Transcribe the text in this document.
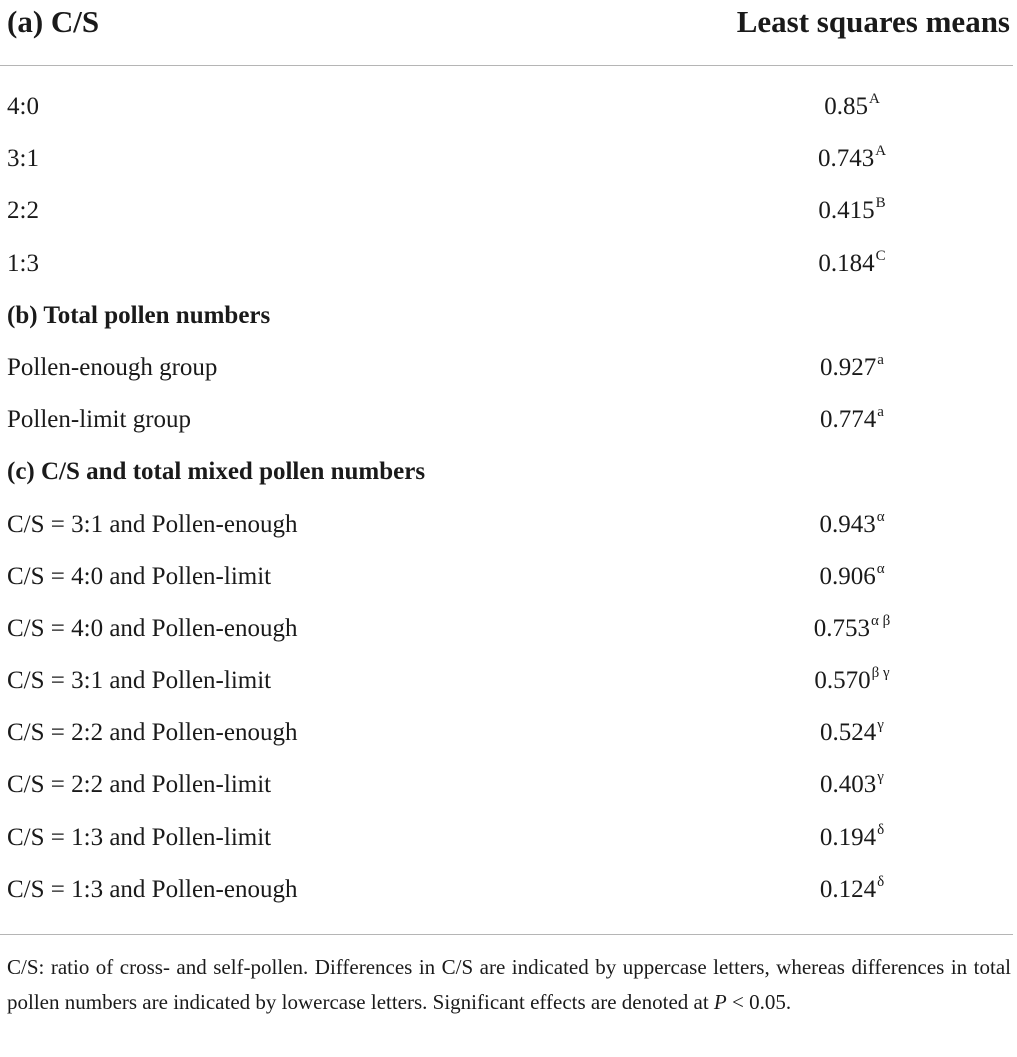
(a) C/S	Least squares means
4:0	$0.85^A$
3:1	$0.743^A$
2:2	$0.415^B$
1:3	$0.184^C$
(b) Total pollen numbers
Pollen-enough group	0.927$^a$
Pollen-limit group	0.774$^a$
(c) C/S and total mixed pollen numbers
C/S = 3:1 and Pollen-enough	$0.943^\alpha$
C/S = 4:0 and Pollen-limit	$0.906^\alpha$
C/S = 4:0 and Pollen-enough	$0.753^{\alpha \beta}$
C/S = 3:1 and Pollen-limit	$0.570^{\beta \gamma}$
C/S = 2:2 and Pollen-enough	$0.524^\gamma$
C/S = 2:2 and Pollen-limit	$0.403^\gamma$
C/S = 1:3 and Pollen-limit	$0.194^\delta$
C/S = 1:3 and Pollen-enough	$0.124^\delta$
C/S: ratio of cross- and self-pollen. Differences in C/S are indicated by uppercase letters, whereas differences in total pollen numbers are indicated by lowercase letters. Significant effects are denoted at P < 0.05.
